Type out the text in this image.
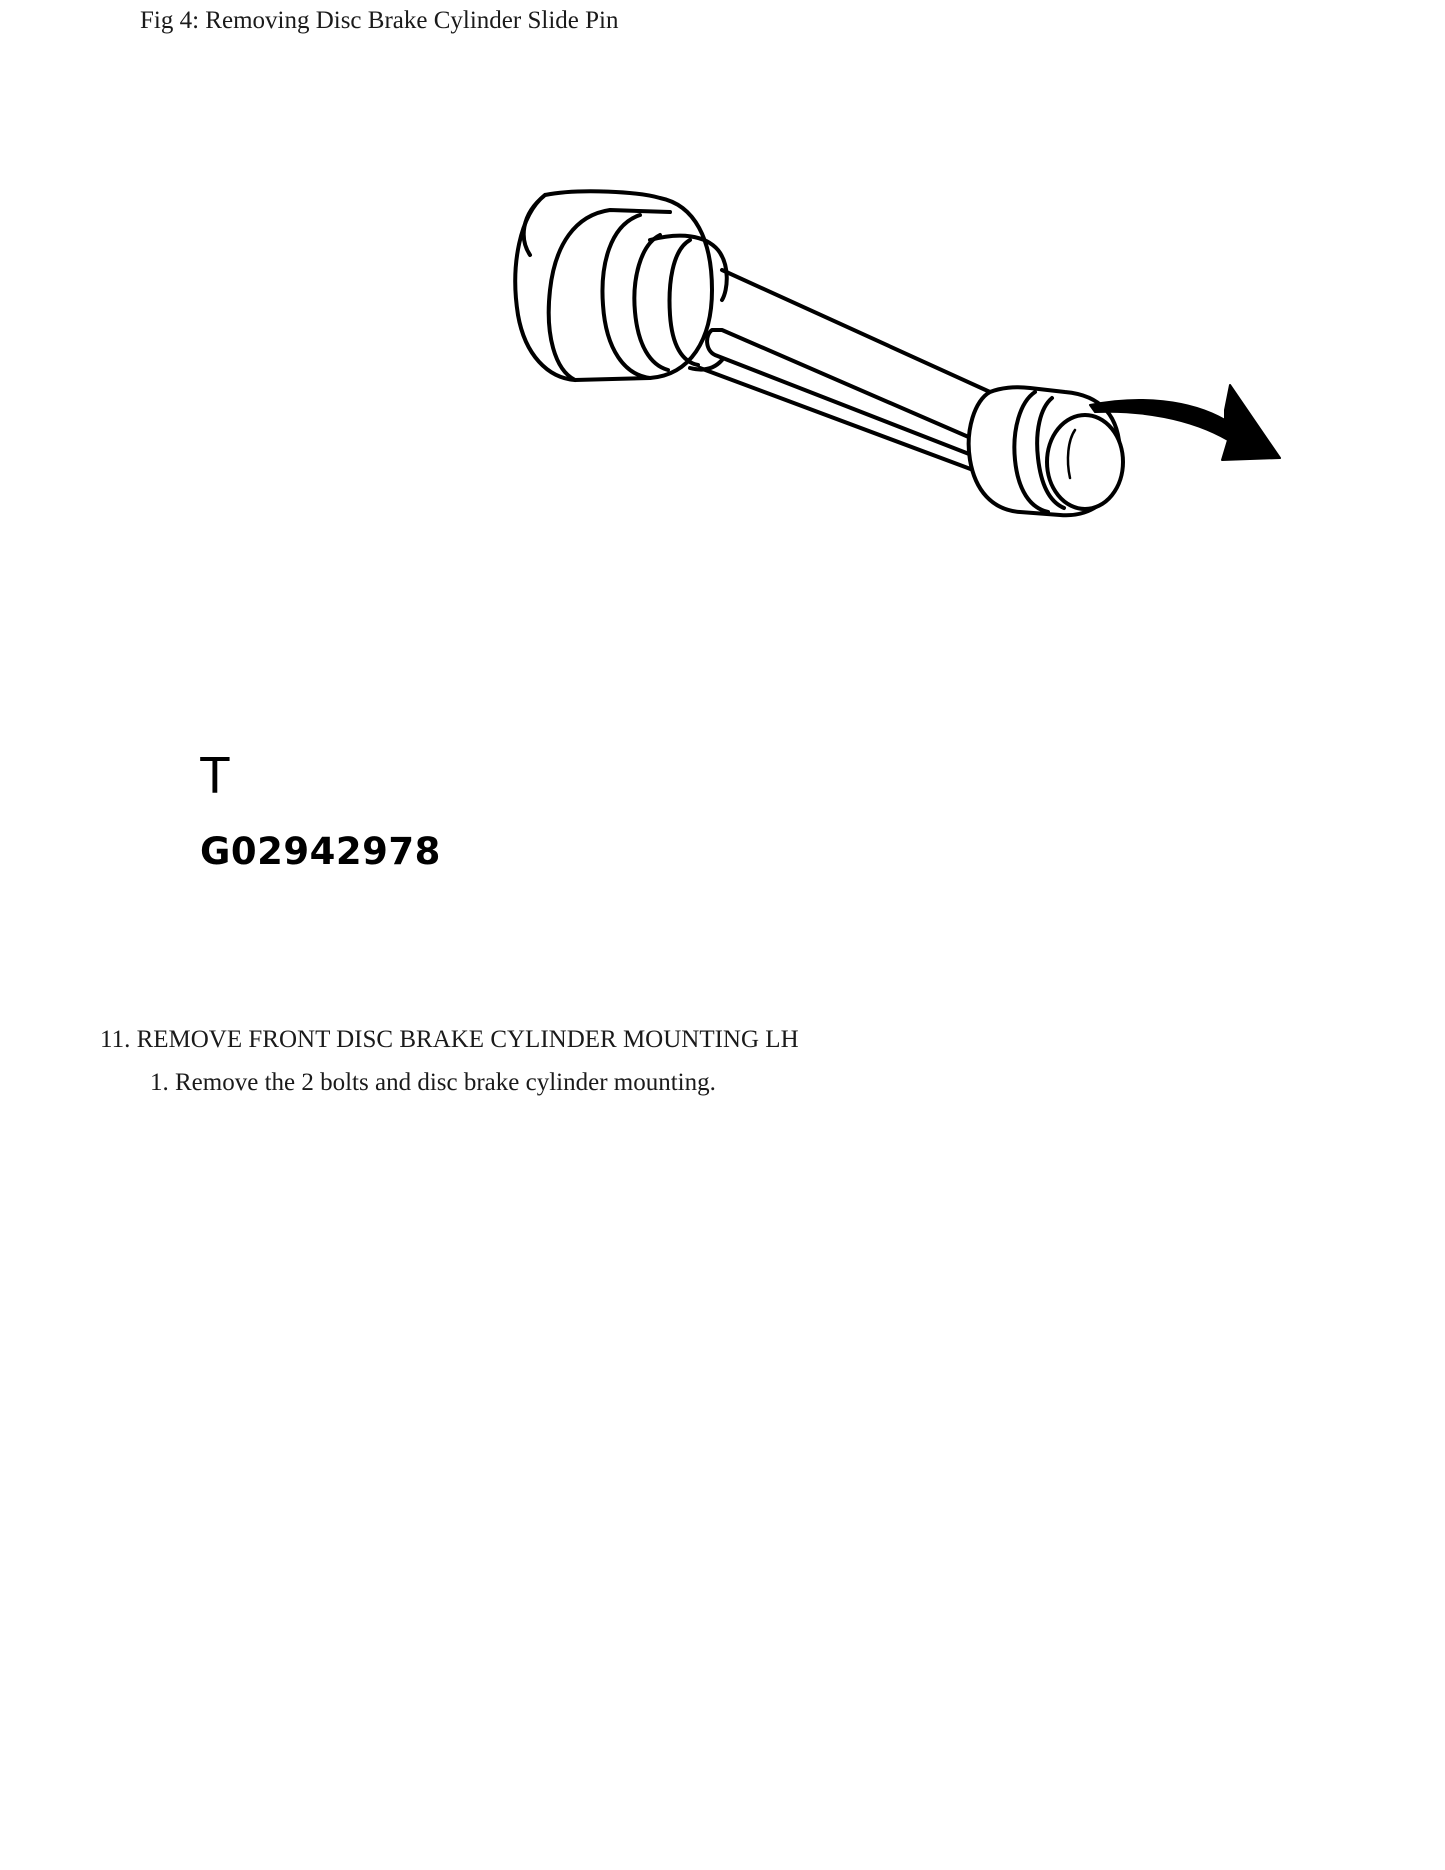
Fig 4: Removing Disc Brake Cylinder Slide Pin
T
G02942978
11. REMOVE FRONT DISC BRAKE CYLINDER MOUNTING LH
1. Remove the 2 bolts and disc brake cylinder mounting.
